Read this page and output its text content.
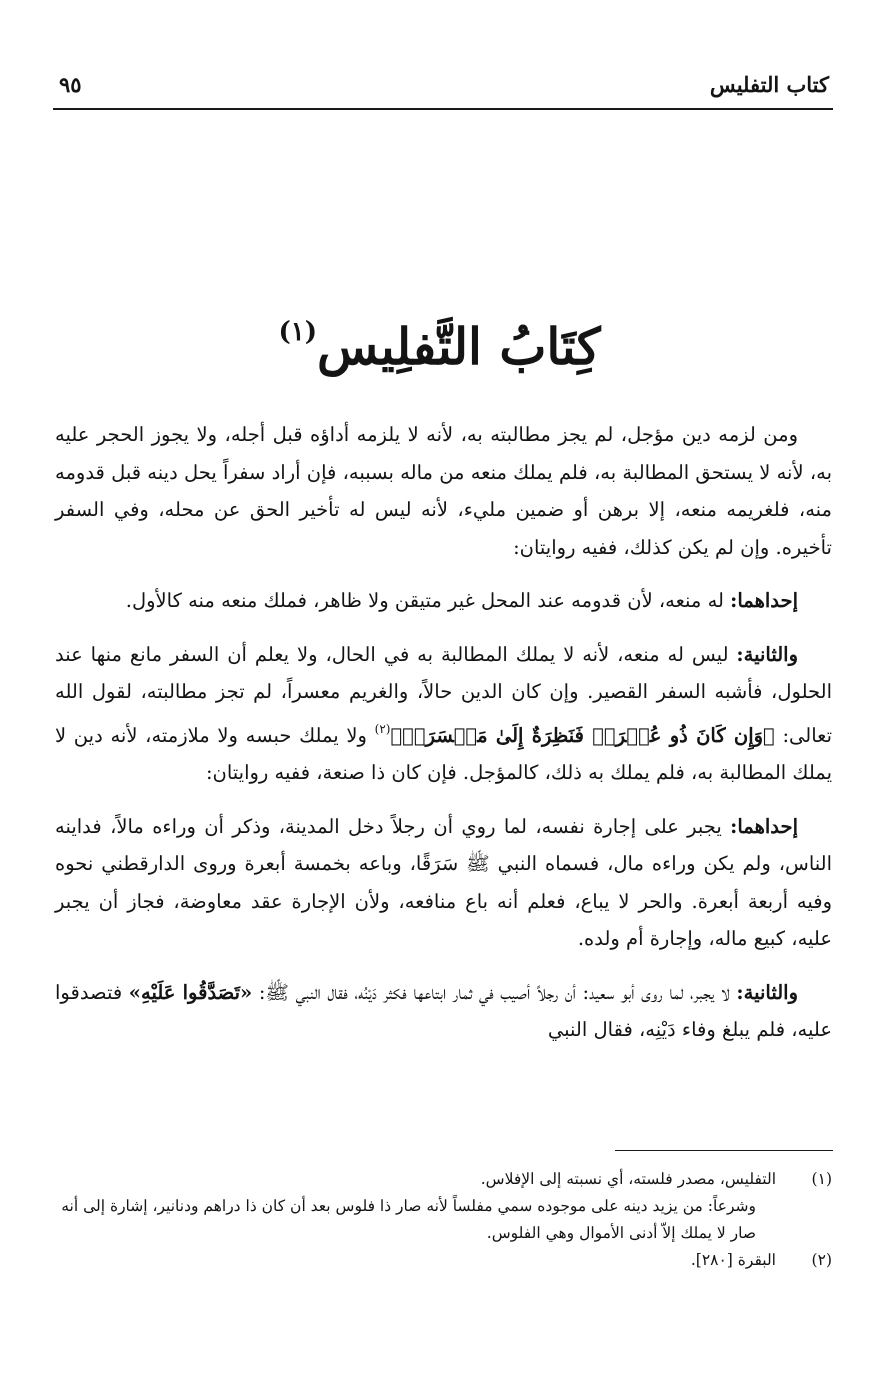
كتاب التفليس
٩٥
كِتَابُ التَّفلِيس$^{(١)}$

ومن لزمه دين مؤجل، لم يجز مطالبته به، لأنه لا يلزمه أداؤه قبل أجله، ولا يجوز الحجر عليه به، لأنه لا يستحق المطالبة به، فلم يملك منعه من ماله بسببه، فإن أراد سفراً يحل دينه قبل قدومه منه، فلغريمه منعه، إلا برهن أو ضمين مليء، لأنه ليس له تأخير الحق عن محله، وفي السفر تأخيره. وإن لم يكن كذلك، ففيه روايتان:

إحداهما: له منعه، لأن قدومه عند المحل غير متيقن ولا ظاهر، فملك منعه منه كالأول.

والثانية: ليس له منعه، لأنه لا يملك المطالبة به في الحال، ولا يعلم أن السفر مانع منها عند الحلول، فأشبه السفر القصير. وإن كان الدين حالاً، والغريم معسراً، لم تجز مطالبته، لقول الله تعالى: ﴿وَإِن كَانَ ذُو عُسۡرَةٖ فَنَظِرَةٌ إِلَىٰ مَيۡسَرَةٖ﴾$^{(٢)}$ ولا يملك حبسه ولا ملازمته، لأنه دين لا يملك المطالبة به، فلم يملك به ذلك، كالمؤجل. فإن كان ذا صنعة، ففيه روايتان:

إحداهما: يجبر على إجارة نفسه، لما روي أن رجلاً دخل المدينة، وذكر أن وراءه مالاً، فداينه الناس، ولم يكن وراءه مال، فسماه النبي ﷺ سَرَقًا، وباعه بخمسة أبعرة وروى الدارقطني نحوه وفيه أربعة أبعرة. والحر لا يباع، فعلم أنه باع منافعه، ولأن الإجارة عقد معاوضة، فجاز أن يجبر عليه، كبيع ماله، وإجارة أم ولده.

والثانية: لا يجبر، لما روى أبو سعيد: أن رجلاً أصيب في ثمار ابتاعها فكثر دَيْنُه، فقال النبي ﷺ: «تَصَدَّقُوا عَلَيْهِ» فتصدقوا عليه، فلم يبلغ وفاء دَيْنِه، فقال النبي

(١)
التفليس، مصدر فلسته، أي نسبته إلى الإفلاس.
وشرعاً: من يزيد دينه على موجوده سمي مفلساً لأنه صار ذا فلوس بعد أن كان ذا دراهم ودنانير، إشارة إلى أنه صار لا يملك إلاّ أدنى الأموال وهي الفلوس.
(٢)
البقرة [٢٨٠].
